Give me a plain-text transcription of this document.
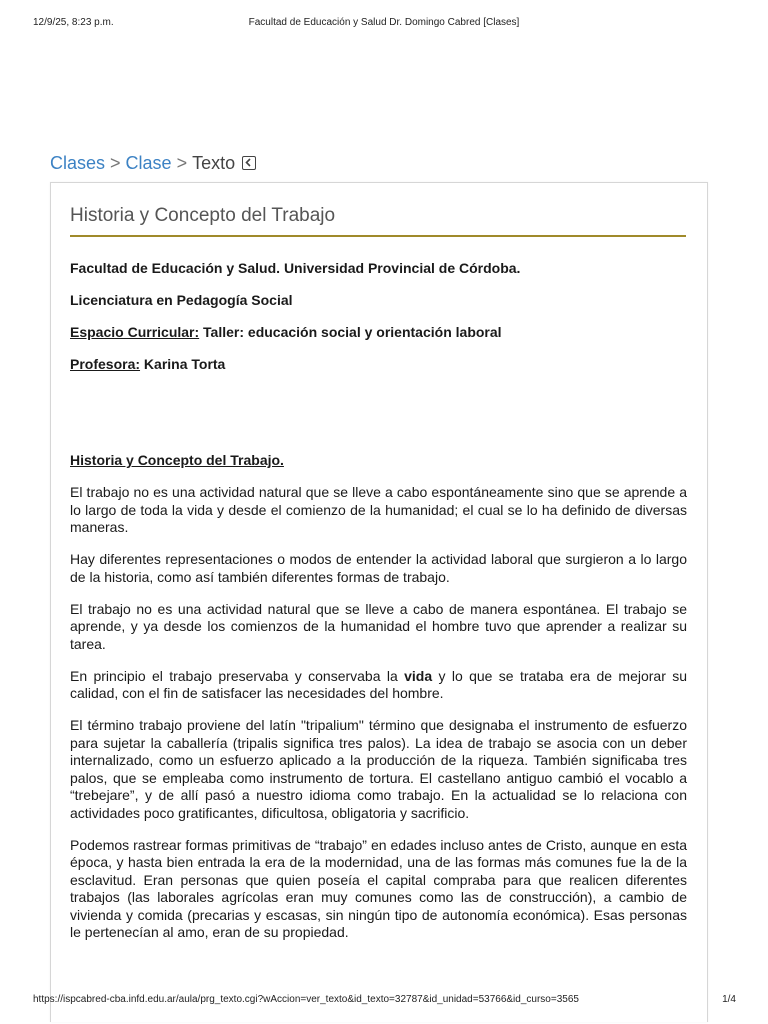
12/9/25, 8:23 p.m.	Facultad de Educación y Salud Dr. Domingo Cabred [Clases]
Clases > Clase > Texto
Historia y Concepto del Trabajo

Facultad de Educación y Salud. Universidad Provincial de Córdoba.

Licenciatura en Pedagogía Social

Espacio Curricular: Taller: educación social y orientación laboral

Profesora: Karina Torta

Historia y Concepto del Trabajo.

El trabajo no es una actividad natural que se lleve a cabo espontáneamente sino que se aprende a lo largo de toda la vida y desde el comienzo de la humanidad; el cual se lo ha definido de diversas maneras.

Hay diferentes representaciones o modos de entender la actividad laboral que surgieron a lo largo de la historia, como así también diferentes formas de trabajo.

El trabajo no es una actividad natural que se lleve a cabo de manera espontánea. El trabajo se aprende, y ya desde los comienzos de la humanidad el hombre tuvo que aprender a realizar su tarea.

En principio el trabajo preservaba y conservaba la vida y lo que se trataba era de mejorar su calidad, con el fin de satisfacer las necesidades del hombre.

El término trabajo proviene del latín "tripalium" término que designaba el instrumento de esfuerzo para sujetar la caballería (tripalis significa tres palos). La idea de trabajo se asocia con un deber internalizado, como un esfuerzo aplicado a la producción de la riqueza. También significaba tres palos, que se empleaba como instrumento de tortura. El castellano antiguo cambió el vocablo a “trebejare”, y de allí pasó a nuestro idioma como trabajo. En la actualidad se lo relaciona con actividades poco gratificantes, dificultosa, obligatoria y sacrificio.

Podemos rastrear formas primitivas de “trabajo” en edades incluso antes de Cristo, aunque en esta época, y hasta bien entrada la era de la modernidad, una de las formas más comunes fue la de la esclavitud. Eran personas que quien poseía el capital compraba para que realicen diferentes trabajos (las laborales agrícolas eran muy comunes como las de construcción), a cambio de vivienda y comida (precarias y escasas, sin ningún tipo de autonomía económica). Esas personas le pertenecían al amo, eran de su propiedad.

https://ispcabred-cba.infd.edu.ar/aula/prg_texto.cgi?wAccion=ver_texto&id_texto=32787&id_unidad=53766&id_curso=3565	1/4
